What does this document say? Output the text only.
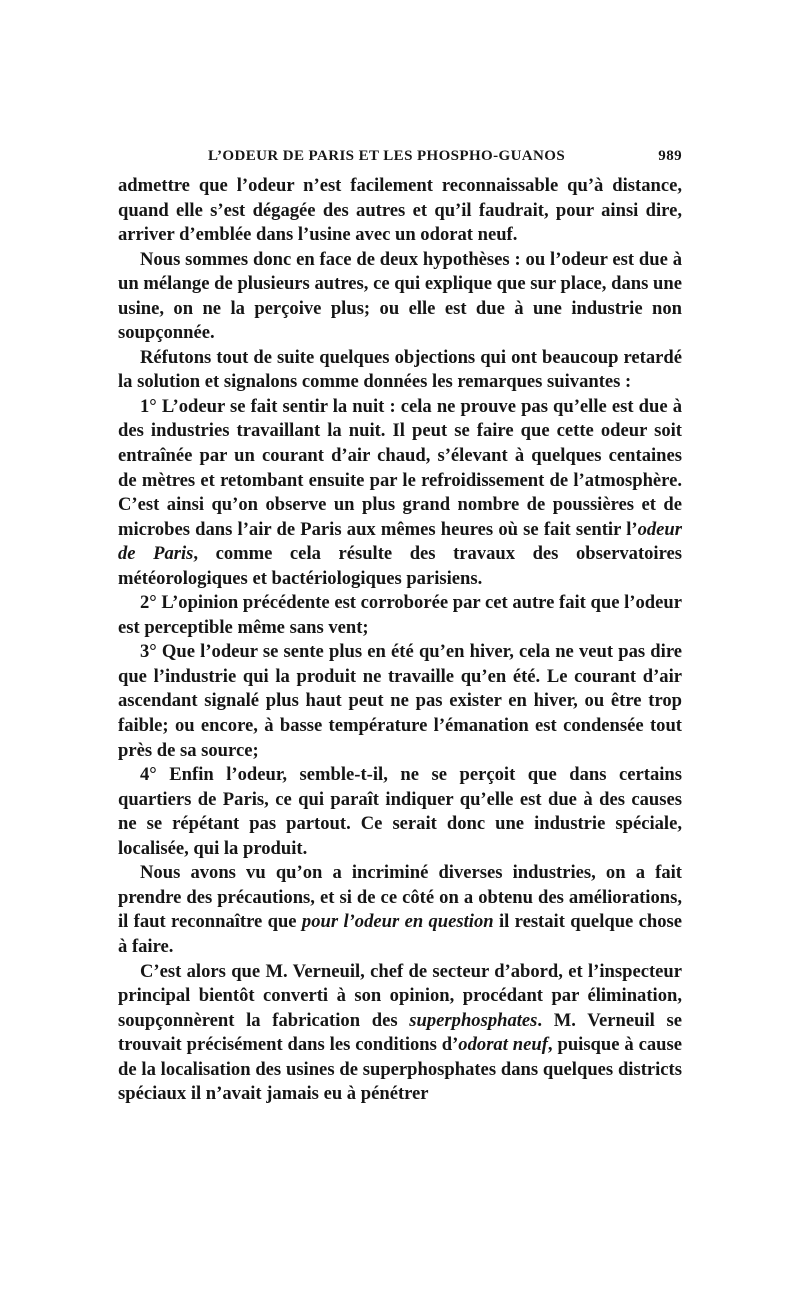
L’ODEUR DE PARIS ET LES PHOSPHO-GUANOS	989

admettre que l’odeur n’est facilement reconnaissable qu’à distance, quand elle s’est dégagée des autres et qu’il faudrait, pour ainsi dire, arriver d’emblée dans l’usine avec un odorat neuf.

Nous sommes donc en face de deux hypothèses : ou l’odeur est due à un mélange de plusieurs autres, ce qui explique que sur place, dans une usine, on ne la perçoive plus; ou elle est due à une industrie non soupçonnée.

Réfutons tout de suite quelques objections qui ont beaucoup retardé la solution et signalons comme données les remarques suivantes :

1° L’odeur se fait sentir la nuit : cela ne prouve pas qu’elle est due à des industries travaillant la nuit. Il peut se faire que cette odeur soit entraînée par un courant d’air chaud, s’élevant à quelques centaines de mètres et retombant ensuite par le refroidissement de l’atmosphère. C’est ainsi qu’on observe un plus grand nombre de poussières et de microbes dans l’air de Paris aux mêmes heures où se fait sentir l’odeur de Paris, comme cela résulte des travaux des observatoires météorologiques et bactériologiques parisiens.

2° L’opinion précédente est corroborée par cet autre fait que l’odeur est perceptible même sans vent;

3° Que l’odeur se sente plus en été qu’en hiver, cela ne veut pas dire que l’industrie qui la produit ne travaille qu’en été. Le courant d’air ascendant signalé plus haut peut ne pas exister en hiver, ou être trop faible; ou encore, à basse température l’émanation est condensée tout près de sa source;

4° Enfin l’odeur, semble-t-il, ne se perçoit que dans certains quartiers de Paris, ce qui paraît indiquer qu’elle est due à des causes ne se répétant pas partout. Ce serait donc une industrie spéciale, localisée, qui la produit.

Nous avons vu qu’on a incriminé diverses industries, on a fait prendre des précautions, et si de ce côté on a obtenu des améliorations, il faut reconnaître que pour l’odeur en question il restait quelque chose à faire.

C’est alors que M. Verneuil, chef de secteur d’abord, et l’inspecteur principal bientôt converti à son opinion, procédant par élimination, soupçonnèrent la fabrication des superphosphates. M. Verneuil se trouvait précisément dans les conditions d’odorat neuf, puisque à cause de la localisation des usines de superphosphates dans quelques districts spéciaux il n’avait jamais eu à pénétrer
